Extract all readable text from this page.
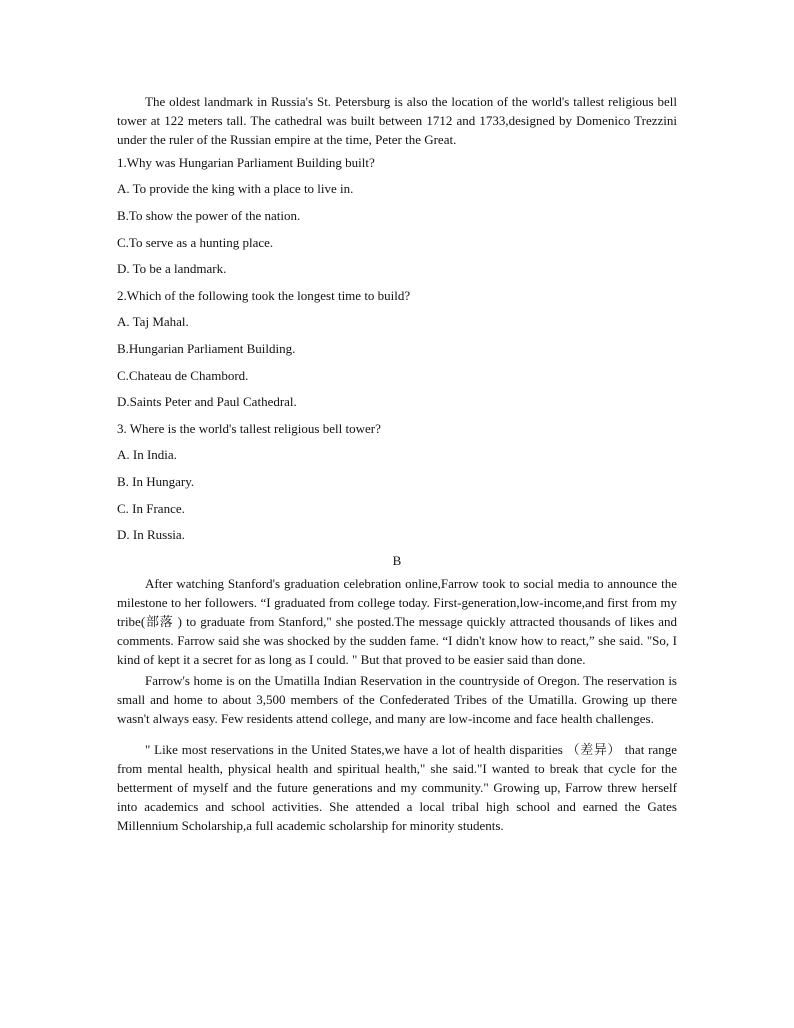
The oldest landmark in Russia's St. Petersburg is also the location of the world's tallest religious bell tower at 122 meters tall. The cathedral was built between 1712 and 1733,designed by Domenico Trezzini under the ruler of the Russian empire at the time, Peter the Great.

1.Why was Hungarian Parliament Building built?

A. To provide the king with a place to live in.

B.To show the power of the nation.

C.To serve as a hunting place.

D. To be a landmark.

2.Which of the following took the longest time to build?

A. Taj Mahal.

B.Hungarian Parliament Building.

C.Chateau de Chambord.

D.Saints Peter and Paul Cathedral.

3. Where is the world's tallest religious bell tower?

A. In India.

B. In Hungary.

C. In France.

D. In Russia.

B

After watching Stanford's graduation celebration online,Farrow took to social media to announce the milestone to her followers. “I graduated from college today. First-generation,low-income,and first from my tribe(部落 ) to graduate from Stanford," she posted.The message quickly attracted thousands of likes and comments. Farrow said she was shocked by the sudden fame. “I didn't know how to react,” she said. "So, I kind of kept it a secret for as long as I could. " But that proved to be easier said than done.

Farrow's home is on the Umatilla Indian Reservation in the countryside of Oregon. The reservation is small and home to about 3,500 members of the Confederated Tribes of the Umatilla. Growing up there wasn't always easy. Few residents attend college, and many are low-income and face health challenges.

" Like most reservations in the United States,we have a lot of health disparities （差异） that range from mental health, physical health and spiritual health," she said."I wanted to break that cycle for the betterment of myself and the future generations and my community." Growing up, Farrow threw herself into academics and school activities. She attended a local tribal high school and earned the Gates Millennium Scholarship,a full academic scholarship for minority students.
